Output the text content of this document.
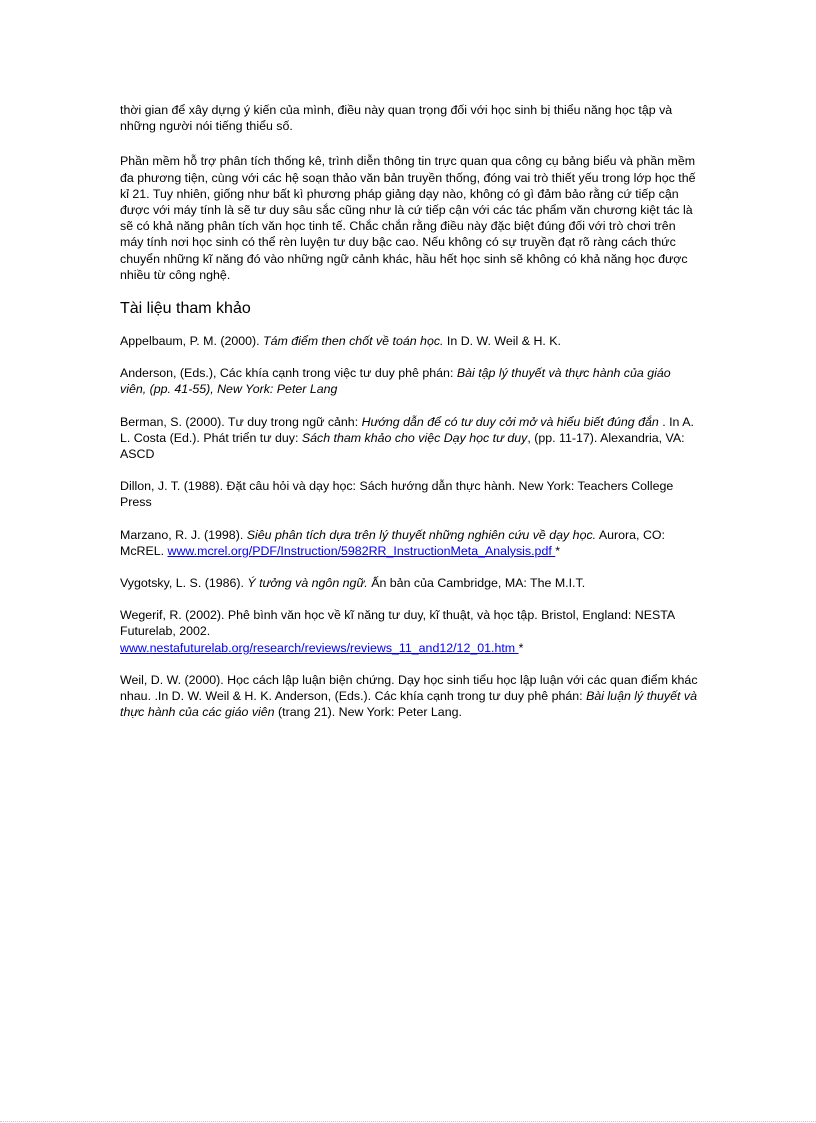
thời gian để xây dựng ý kiến của mình, điều này quan trọng đối với học sinh bị thiểu năng học tập và những người nói tiếng thiểu số.

Phần mềm hỗ trợ phân tích thống kê, trình diễn thông tin trực quan qua công cụ bảng biểu và phần mềm đa phương tiện, cùng với các hệ soạn thảo văn bản truyền thống, đóng vai trò thiết yếu trong lớp học thế kỉ 21. Tuy nhiên, giống như bất kì phương pháp giảng dạy nào, không có gì đảm bảo rằng cứ tiếp cận được với máy tính là sẽ tư duy sâu sắc cũng như là cứ tiếp cận với các tác phẩm văn chương kiệt tác là sẽ có khả năng phân tích văn học tinh tế. Chắc chắn rằng điều này đặc biệt đúng đối với trò chơi trên máy tính nơi học sinh có thể rèn luyện tư duy bậc cao. Nếu không có sự truyền đạt rõ ràng cách thức chuyển những kĩ năng đó vào những ngữ cảnh khác, hầu hết học sinh sẽ không có khả năng học được nhiều từ công nghệ.

Tài liệu tham khảo

Appelbaum, P. M. (2000). Tám điểm then chốt về toán học. In D. W. Weil & H. K.

Anderson, (Eds.), Các khía cạnh trong việc tư duy phê phán: Bài tập lý thuyết và thực hành của giáo viên, (pp. 41-55), New York: Peter Lang

Berman, S. (2000). Tư duy trong ngữ cảnh: Hướng dẫn để có tư duy cởi mở và hiểu biết đúng đắn . In A. L. Costa (Ed.). Phát triển tư duy: Sách tham khảo cho việc Dạy học tư duy, (pp. 11-17). Alexandria, VA: ASCD

Dillon, J. T. (1988). Đặt câu hỏi và dạy học: Sách hướng dẫn thực hành. New York: Teachers College Press

Marzano, R. J. (1998). Siêu phân tích dựa trên lý thuyết những nghiên cứu về dạy học. Aurora, CO: McREL. www.mcrel.org/PDF/Instruction/5982RR_InstructionMeta_Analysis.pdf *

Vygotsky, L. S. (1986). Ý tưởng và ngôn ngữ. Ấn bản của Cambridge, MA: The M.I.T.

Wegerif, R. (2002). Phê bình văn học về kĩ năng tư duy, kĩ thuật, và học tập. Bristol, England: NESTA Futurelab, 2002.
www.nestafuturelab.org/research/reviews/reviews_11_and12/12_01.htm *

Weil, D. W. (2000). Học cách lập luận biện chứng. Dạy học sinh tiểu học lập luận với các quan điểm khác nhau. .In D. W. Weil & H. K. Anderson, (Eds.). Các khía cạnh trong tư duy phê phán: Bài luận lý thuyết và thực hành của các giáo viên (trang 21). New York: Peter Lang.
